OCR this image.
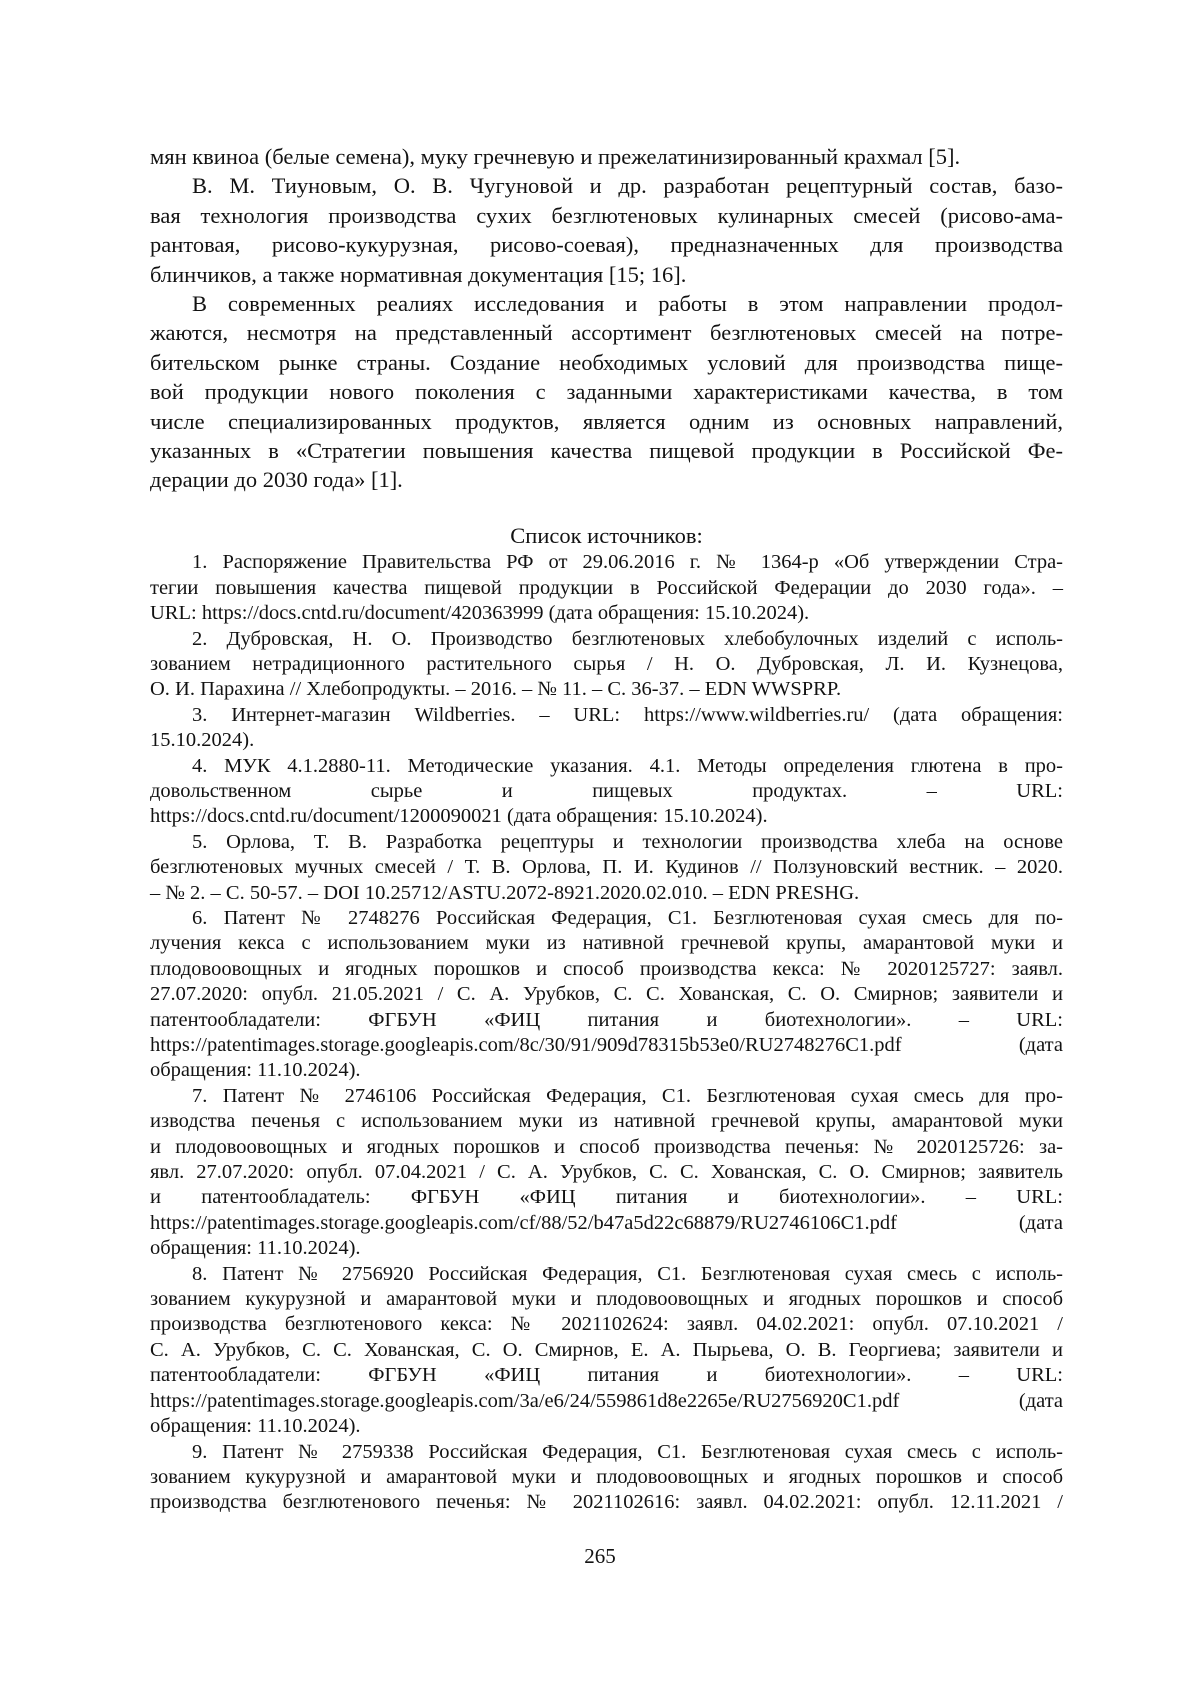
мян квиноа (белые семена), муку гречневую и прежелатинизированный крахмал [5].
В. М. Тиуновым, О. В. Чугуновой и др. разработан рецептурный состав, базо-
вая технология производства сухих безглютеновых кулинарных смесей (рисово-ама-
рантовая, рисово-кукурузная, рисово-соевая), предназначенных для производства
блинчиков, а также нормативная документация [15; 16].
В современных реалиях исследования и работы в этом направлении продол-
жаются, несмотря на представленный ассортимент безглютеновых смесей на потре-
бительском рынке страны. Создание необходимых условий для производства пище-
вой продукции нового поколения с заданными характеристиками качества, в том
числе специализированных продуктов, является одним из основных направлений,
указанных в «Стратегии повышения качества пищевой продукции в Российской Фе-
дерации до 2030 года» [1].
Список источников:
1. Распоряжение Правительства РФ от 29.06.2016 г. № 1364-р «Об утверждении Стра-
тегии повышения качества пищевой продукции в Российской Федерации до 2030 года». –
URL: https://docs.cntd.ru/document/420363999 (дата обращения: 15.10.2024).
2. Дубровская, Н. О. Производство безглютеновых хлебобулочных изделий с исполь-
зованием нетрадиционного растительного сырья / Н. О. Дубровская, Л. И. Кузнецова,
О. И. Парахина // Хлебопродукты. – 2016. – № 11. – С. 36-37. – EDN WWSPRP.
3. Интернет-магазин Wildberries. – URL: https://www.wildberries.ru/ (дата обращения:
15.10.2024).
4. МУК 4.1.2880-11. Методические указания. 4.1. Методы определения глютена в про-
довольственном сырье и пищевых продуктах. – URL:
https://docs.cntd.ru/document/1200090021 (дата обращения: 15.10.2024).
5. Орлова, Т. В. Разработка рецептуры и технологии производства хлеба на основе
безглютеновых мучных смесей / Т. В. Орлова, П. И. Кудинов // Ползуновский вестник. – 2020.
– № 2. – С. 50-57. – DOI 10.25712/ASTU.2072-8921.2020.02.010. – EDN PRESHG.
6. Патент № 2748276 Российская Федерация, С1. Безглютеновая сухая смесь для по-
лучения кекса с использованием муки из нативной гречневой крупы, амарантовой муки и
плодовоовощных и ягодных порошков и способ производства кекса: № 2020125727: заявл.
27.07.2020: опубл. 21.05.2021 / С. А. Урубков, С. С. Хованская, С. О. Смирнов; заявители и
патентообладатели: ФГБУН «ФИЦ питания и биотехнологии». – URL:
https://patentimages.storage.googleapis.com/8c/30/91/909d78315b53e0/RU2748276C1.pdf (дата
обращения: 11.10.2024).
7. Патент № 2746106 Российская Федерация, С1. Безглютеновая сухая смесь для про-
изводства печенья с использованием муки из нативной гречневой крупы, амарантовой муки
и плодовоовощных и ягодных порошков и способ производства печенья: № 2020125726: за-
явл. 27.07.2020: опубл. 07.04.2021 / С. А. Урубков, С. С. Хованская, С. О. Смирнов; заявитель
и патентообладатель: ФГБУН «ФИЦ питания и биотехнологии». – URL:
https://patentimages.storage.googleapis.com/cf/88/52/b47a5d22c68879/RU2746106C1.pdf (дата
обращения: 11.10.2024).
8. Патент № 2756920 Российская Федерация, С1. Безглютеновая сухая смесь с исполь-
зованием кукурузной и амарантовой муки и плодовоовощных и ягодных порошков и способ
производства безглютенового кекса: № 2021102624: заявл. 04.02.2021: опубл. 07.10.2021 /
С. А. Урубков, С. С. Хованская, С. О. Смирнов, Е. А. Пырьева, О. В. Георгиева; заявители и
патентообладатели: ФГБУН «ФИЦ питания и биотехнологии». – URL:
https://patentimages.storage.googleapis.com/3a/e6/24/559861d8e2265e/RU2756920C1.pdf (дата
обращения: 11.10.2024).
9. Патент № 2759338 Российская Федерация, С1. Безглютеновая сухая смесь с исполь-
зованием кукурузной и амарантовой муки и плодовоовощных и ягодных порошков и способ
производства безглютенового печенья: № 2021102616: заявл. 04.02.2021: опубл. 12.11.2021 /
265
